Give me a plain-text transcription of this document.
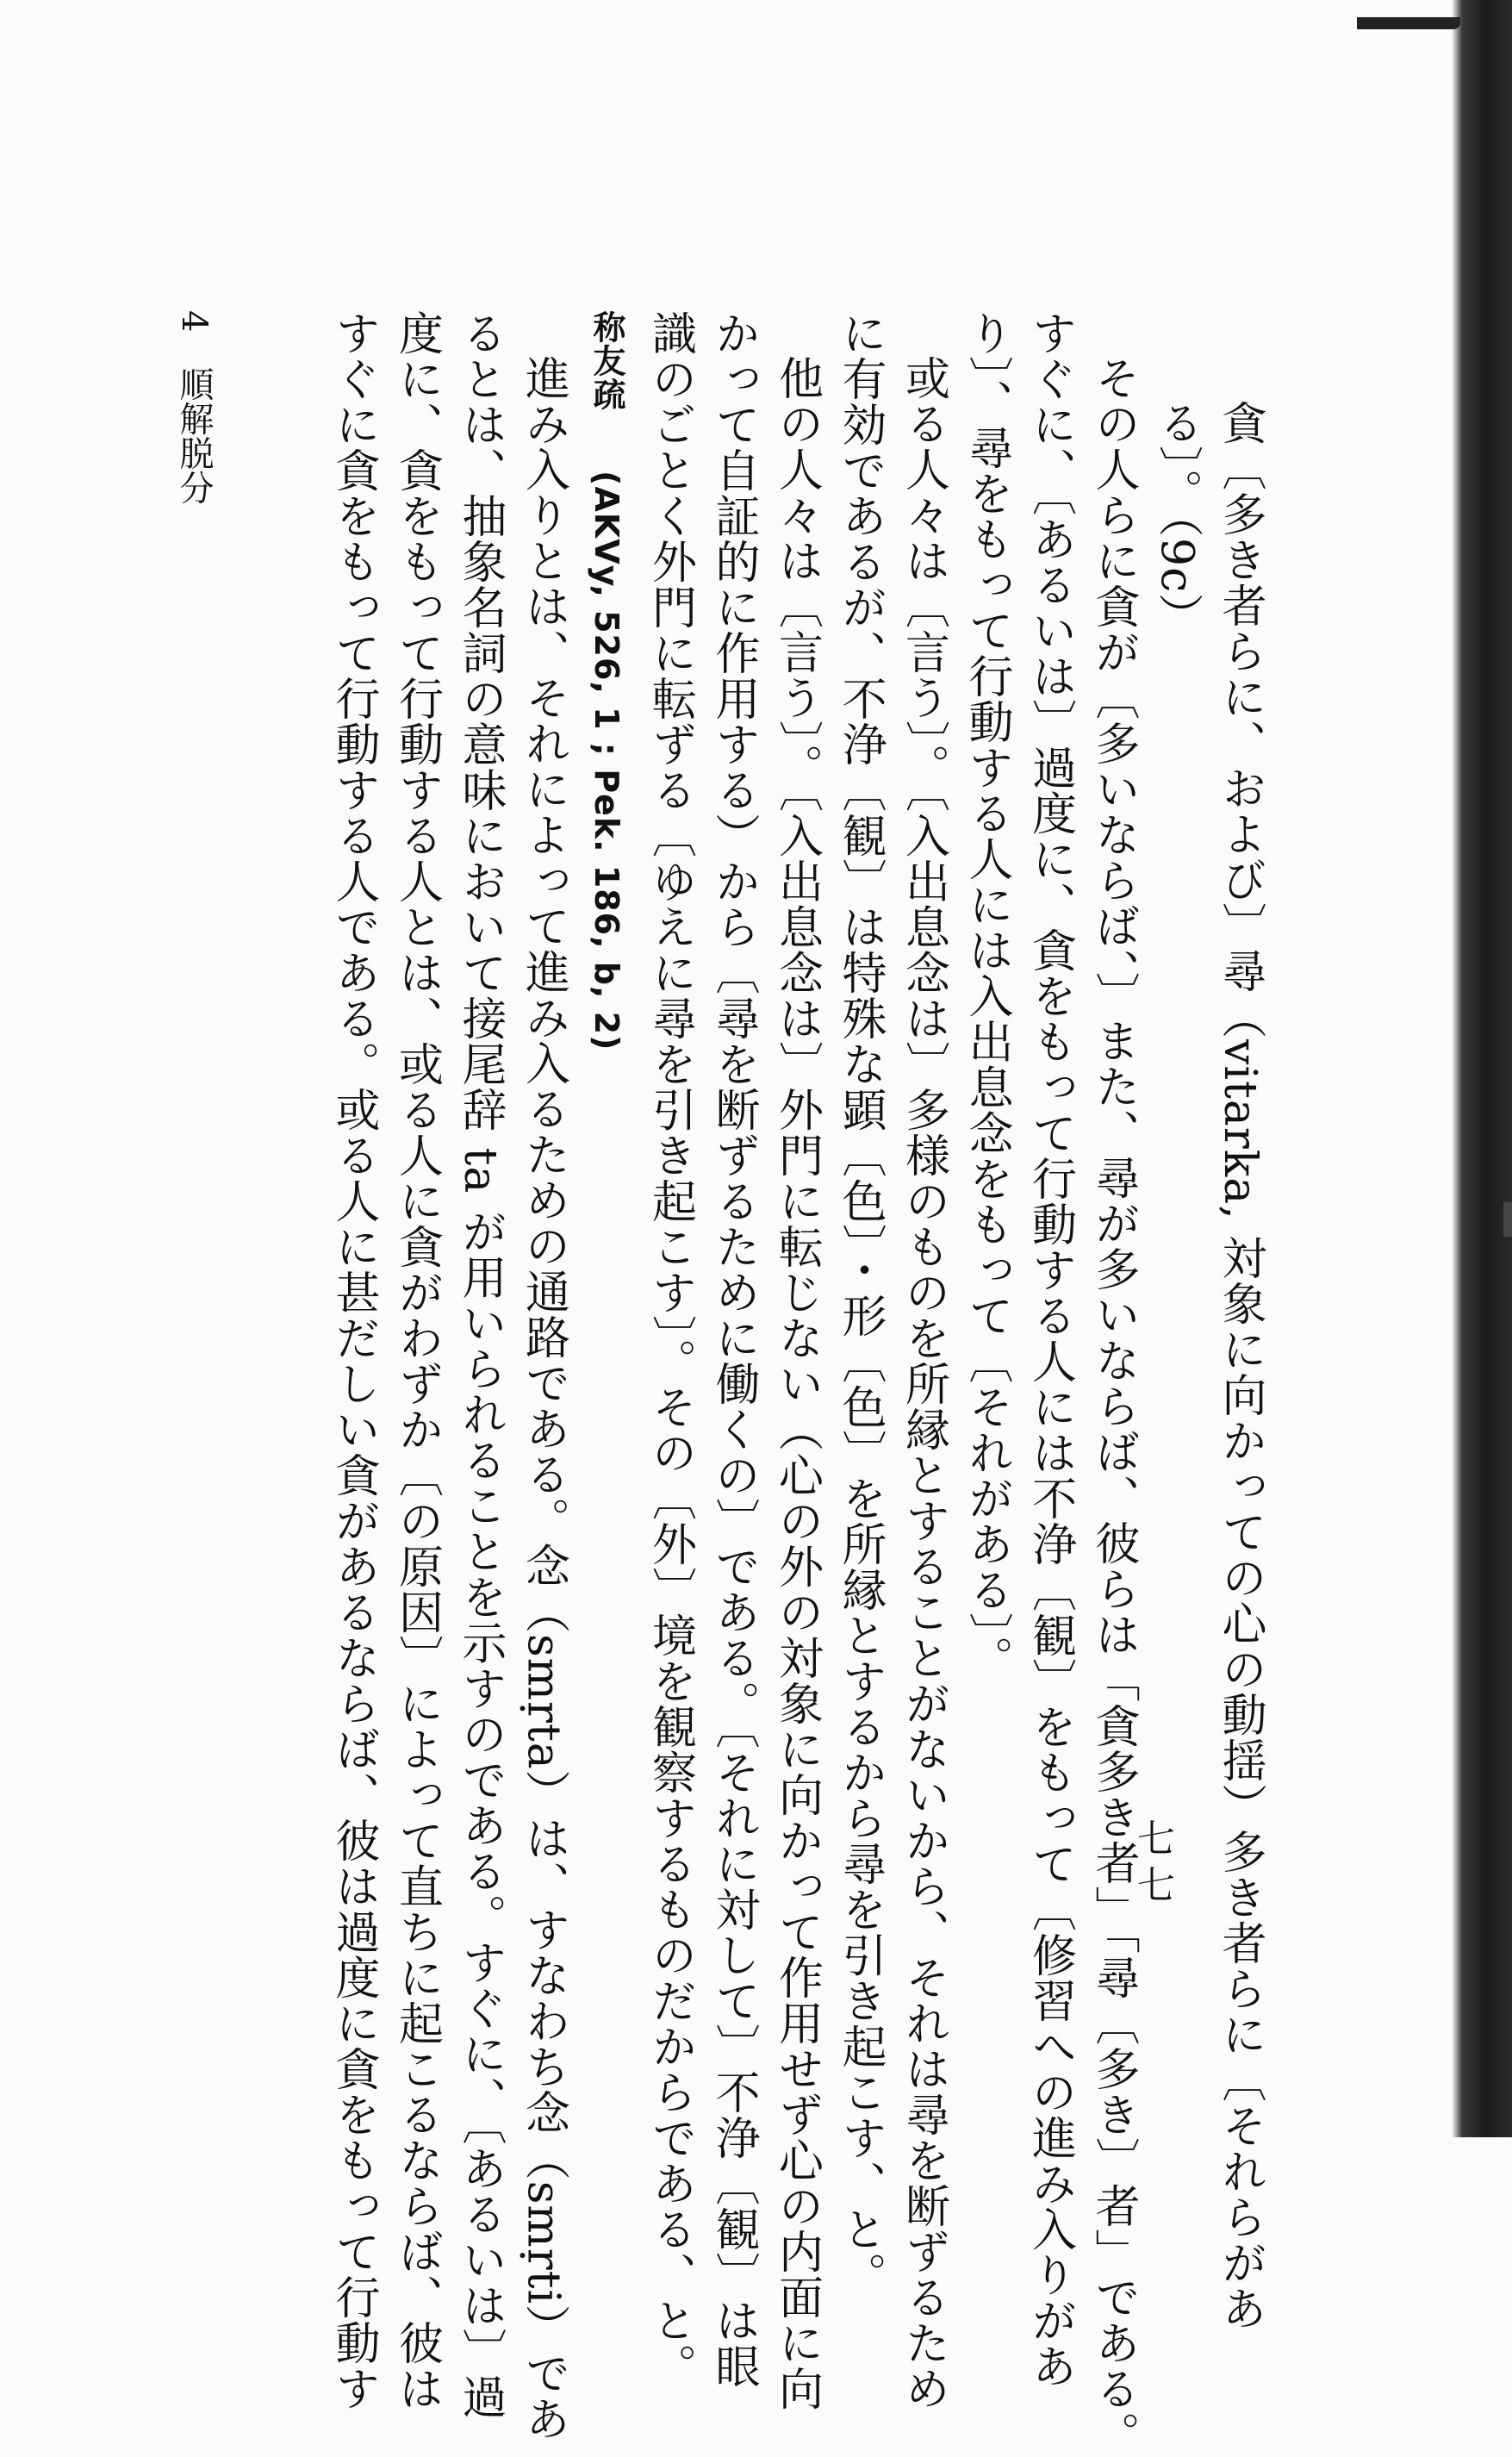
貪〔多き者らに、および〕尋（vitarka, 対象に向かっての心の動揺）多き者らに〔それらがあ
る〕。（9c）
その人らに貪が〔多いならば、〕また、尋が多いならば、彼らは「貪多き者」「尋〔多き〕者」である。
すぐに、〔あるいは〕過度に、貪をもって行動する人には不浄〔観〕をもって〔修習への進み入りがあ
り〕、尋をもって行動する人には入出息念をもって〔それがある〕。
或る人々は〔言う〕。〔入出息念は〕多様のものを所縁とすることがないから、それは尋を断ずるため
に有効であるが、不浄〔観〕は特殊な顕〔色〕・形〔色〕を所縁とするから尋を引き起こす、と。
他の人々は〔言う〕。〔入出息念は〕外門に転じない（心の外の対象に向かって作用せず心の内面に向
かって自証的に作用する）から〔尋を断ずるために働くの〕である。〔それに対して〕不浄〔観〕は眼
識のごとく外門に転ずる〔ゆえに尋を引き起こす〕。その〔外〕境を観察するものだからである、と。
称友疏　(AKVy, 526, 1 ; Pek. 186, b, 2)
進み入りとは、それによって進み入るための通路である。念（smṛta）は、すなわち念（smṛti）であ
るとは、抽象名詞の意味において接尾辞 ta が用いられることを示すのである。すぐに、〔あるいは〕過
度に、貪をもって行動する人とは、或る人に貪がわずか〔の原因〕によって直ちに起こるならば、彼は
すぐに貪をもって行動する人である。或る人に甚だしい貪があるならば、彼は過度に貪をもって行動す
4　順解脱分
七七
